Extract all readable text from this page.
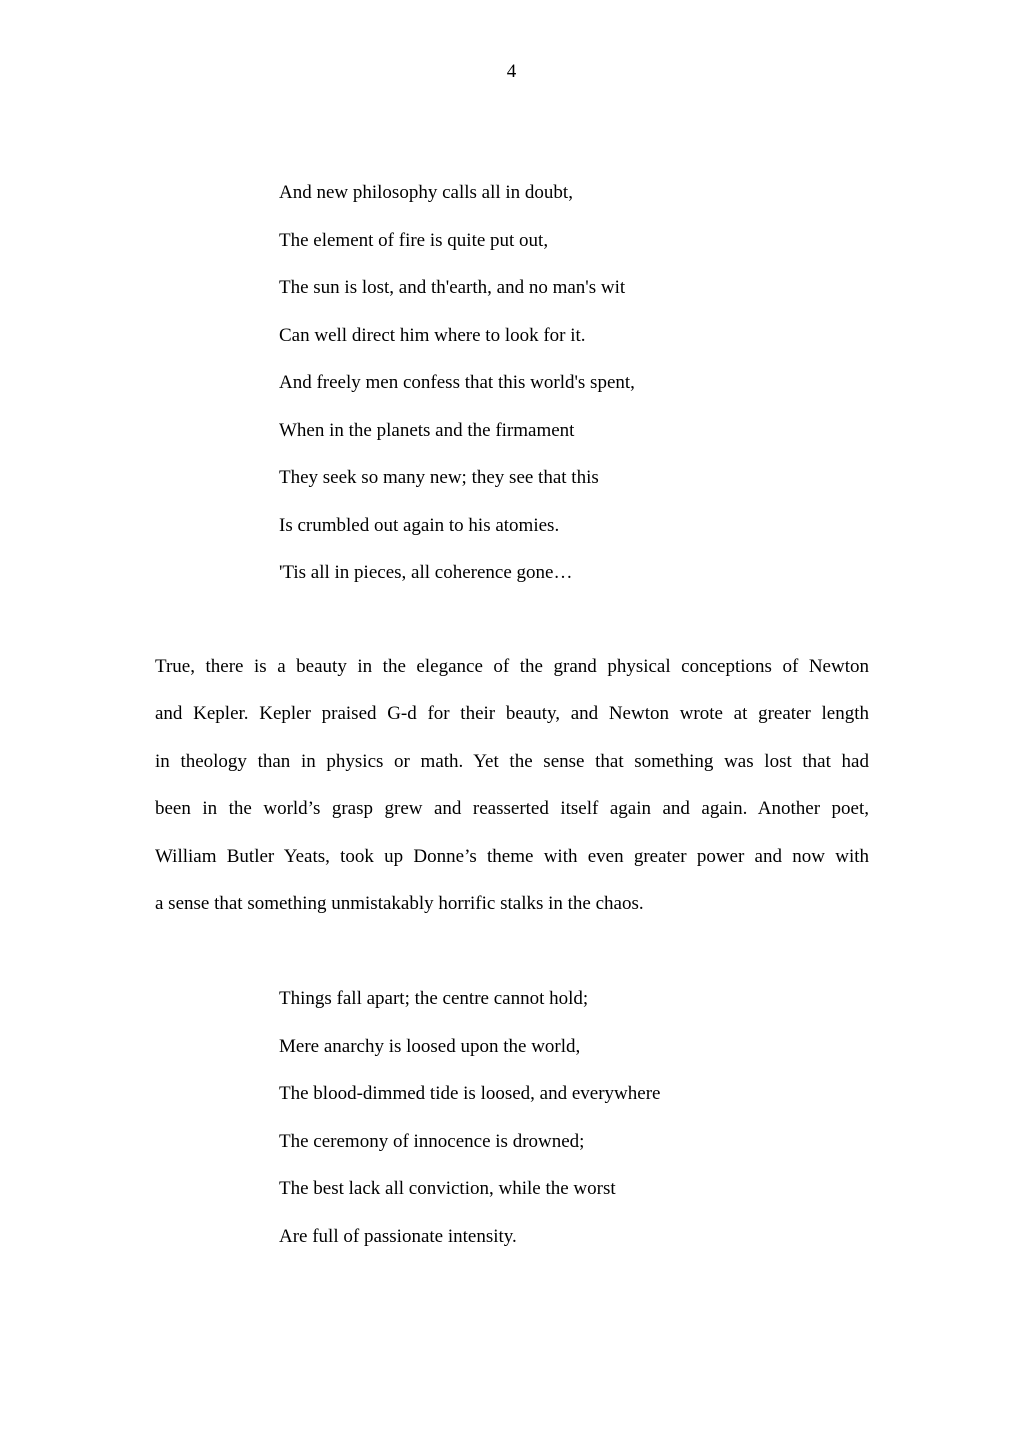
4
And new philosophy calls all in doubt,
The element of fire is quite put out,
The sun is lost, and th'earth, and no man's wit
Can well direct him where to look for it.
And freely men confess that this world's spent,
When in the planets and the firmament
They seek so many new; they see that this
Is crumbled out again to his atomies.
'Tis all in pieces, all coherence gone…
True, there is a beauty in the elegance of the grand physical conceptions of Newton
and Kepler. Kepler praised G-d for their beauty, and Newton wrote at greater length
in theology than in physics or math. Yet the sense that something was lost that had
been in the world’s grasp grew and reasserted itself again and again. Another poet,
William Butler Yeats, took up Donne’s theme with even greater power and now with
a sense that something unmistakably horrific stalks in the chaos.
Things fall apart; the centre cannot hold;
Mere anarchy is loosed upon the world,
The blood-dimmed tide is loosed, and everywhere
The ceremony of innocence is drowned;
The best lack all conviction, while the worst
Are full of passionate intensity.
